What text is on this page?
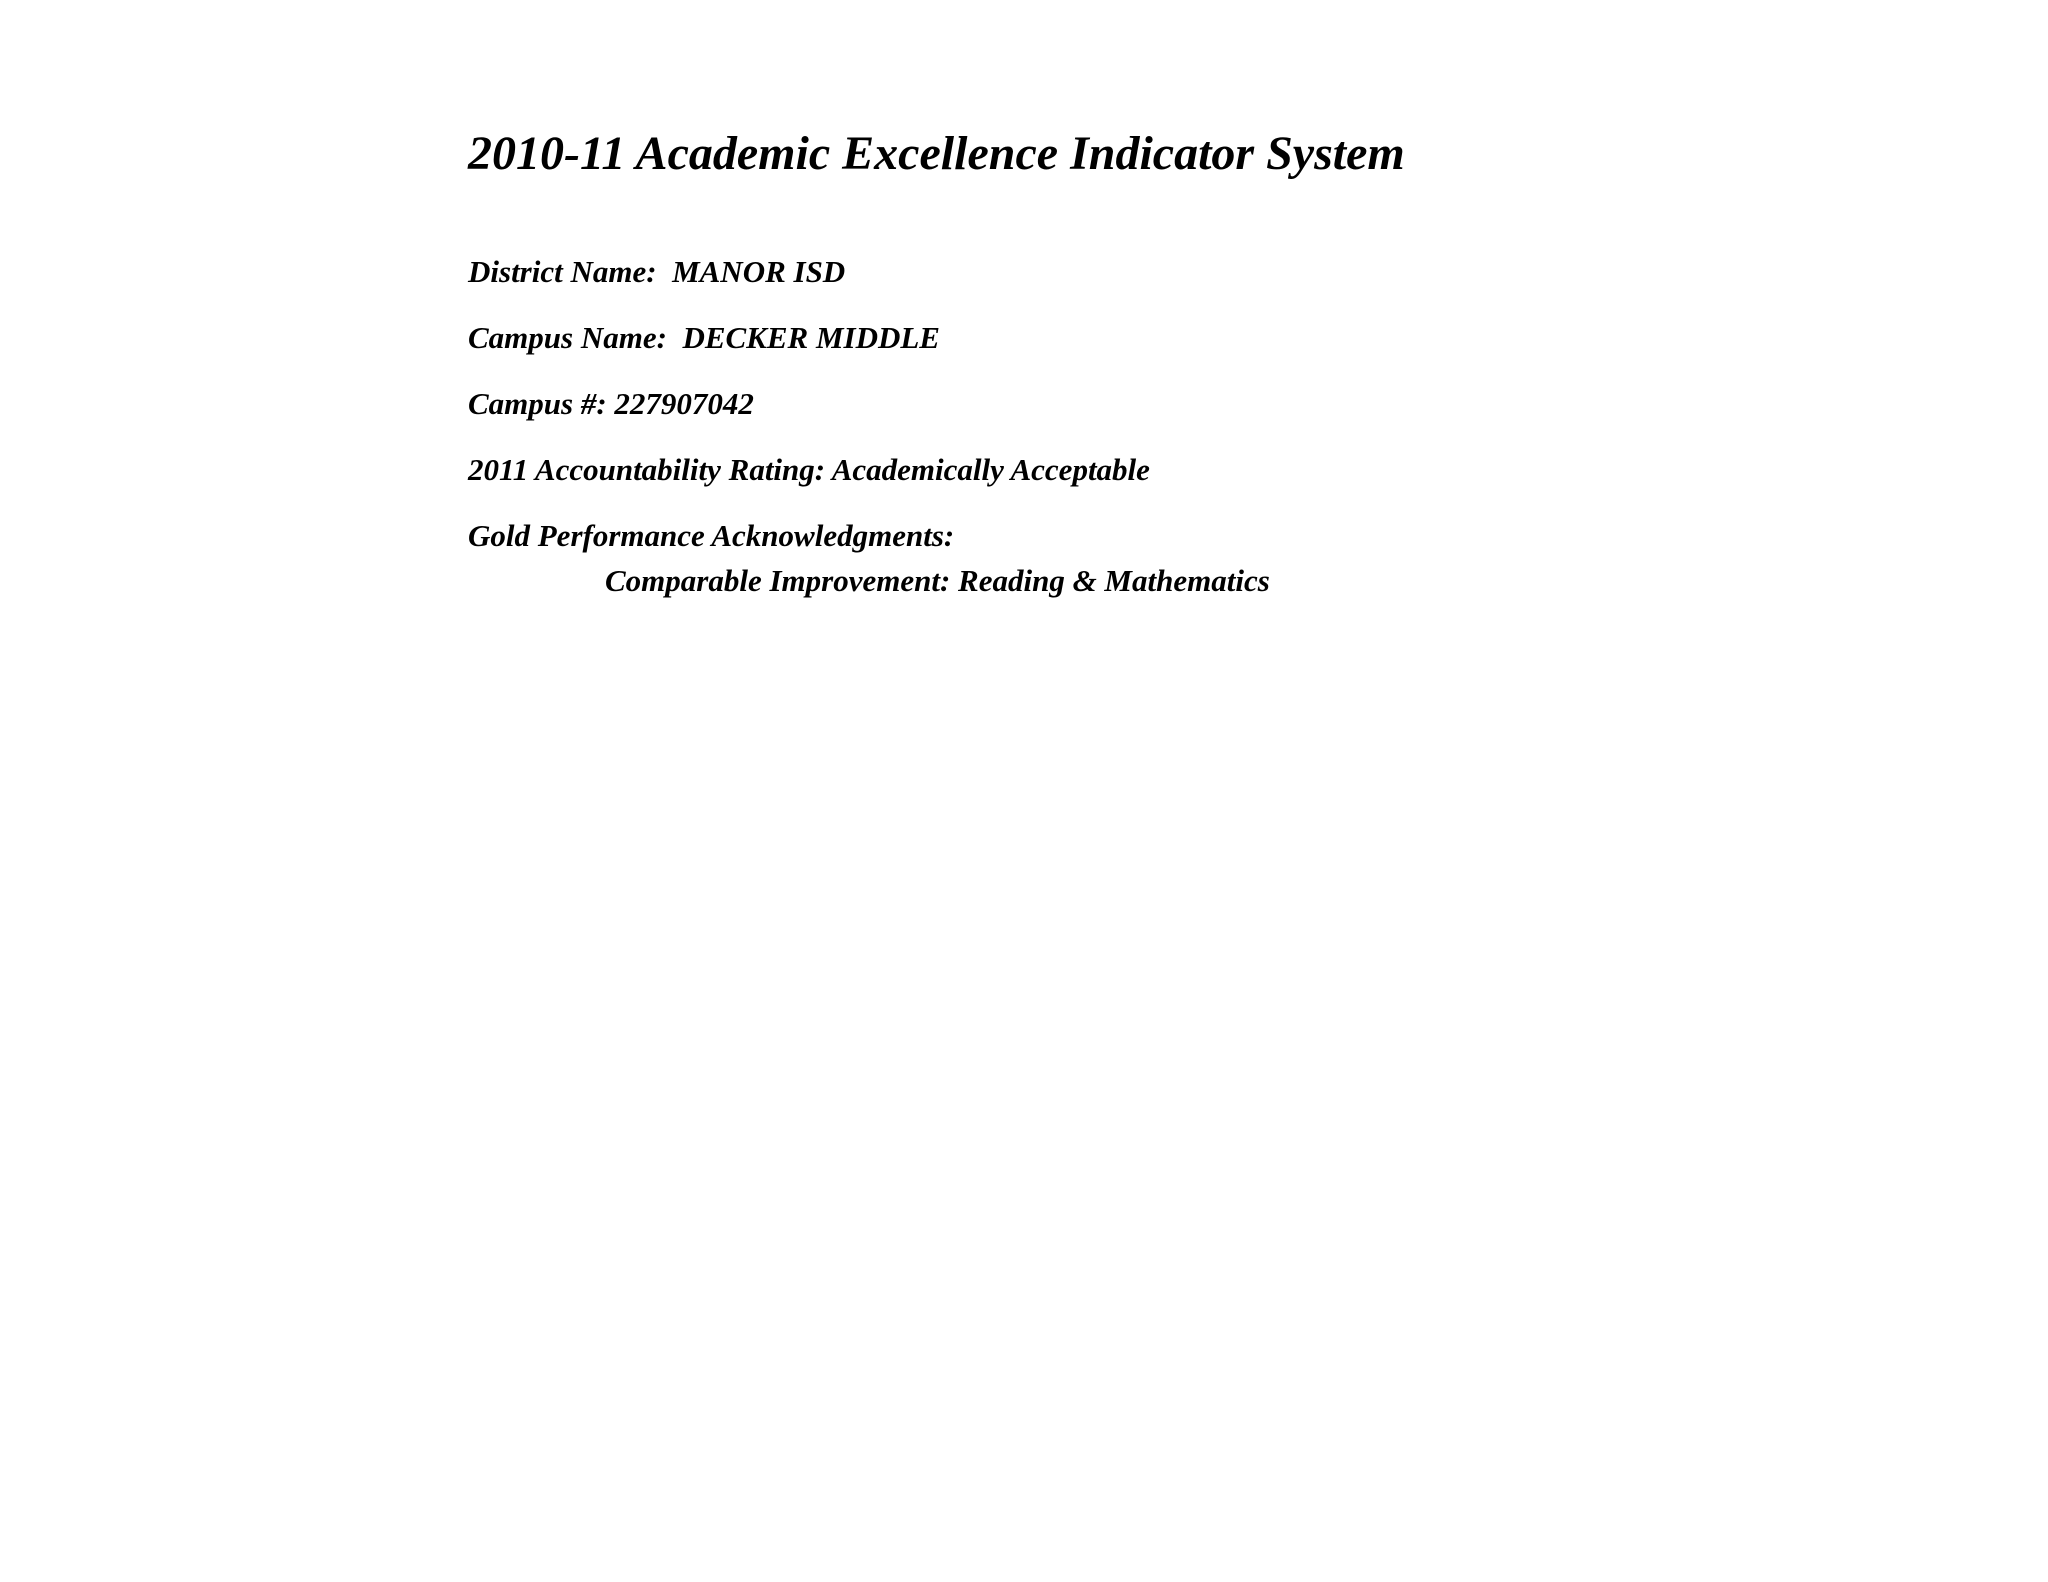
2010-11 Academic Excellence Indicator System

District Name: MANOR ISD

Campus Name: DECKER MIDDLE

Campus #: 227907042

2011 Accountability Rating: Academically Acceptable

Gold Performance Acknowledgments:

Comparable Improvement: Reading & Mathematics
